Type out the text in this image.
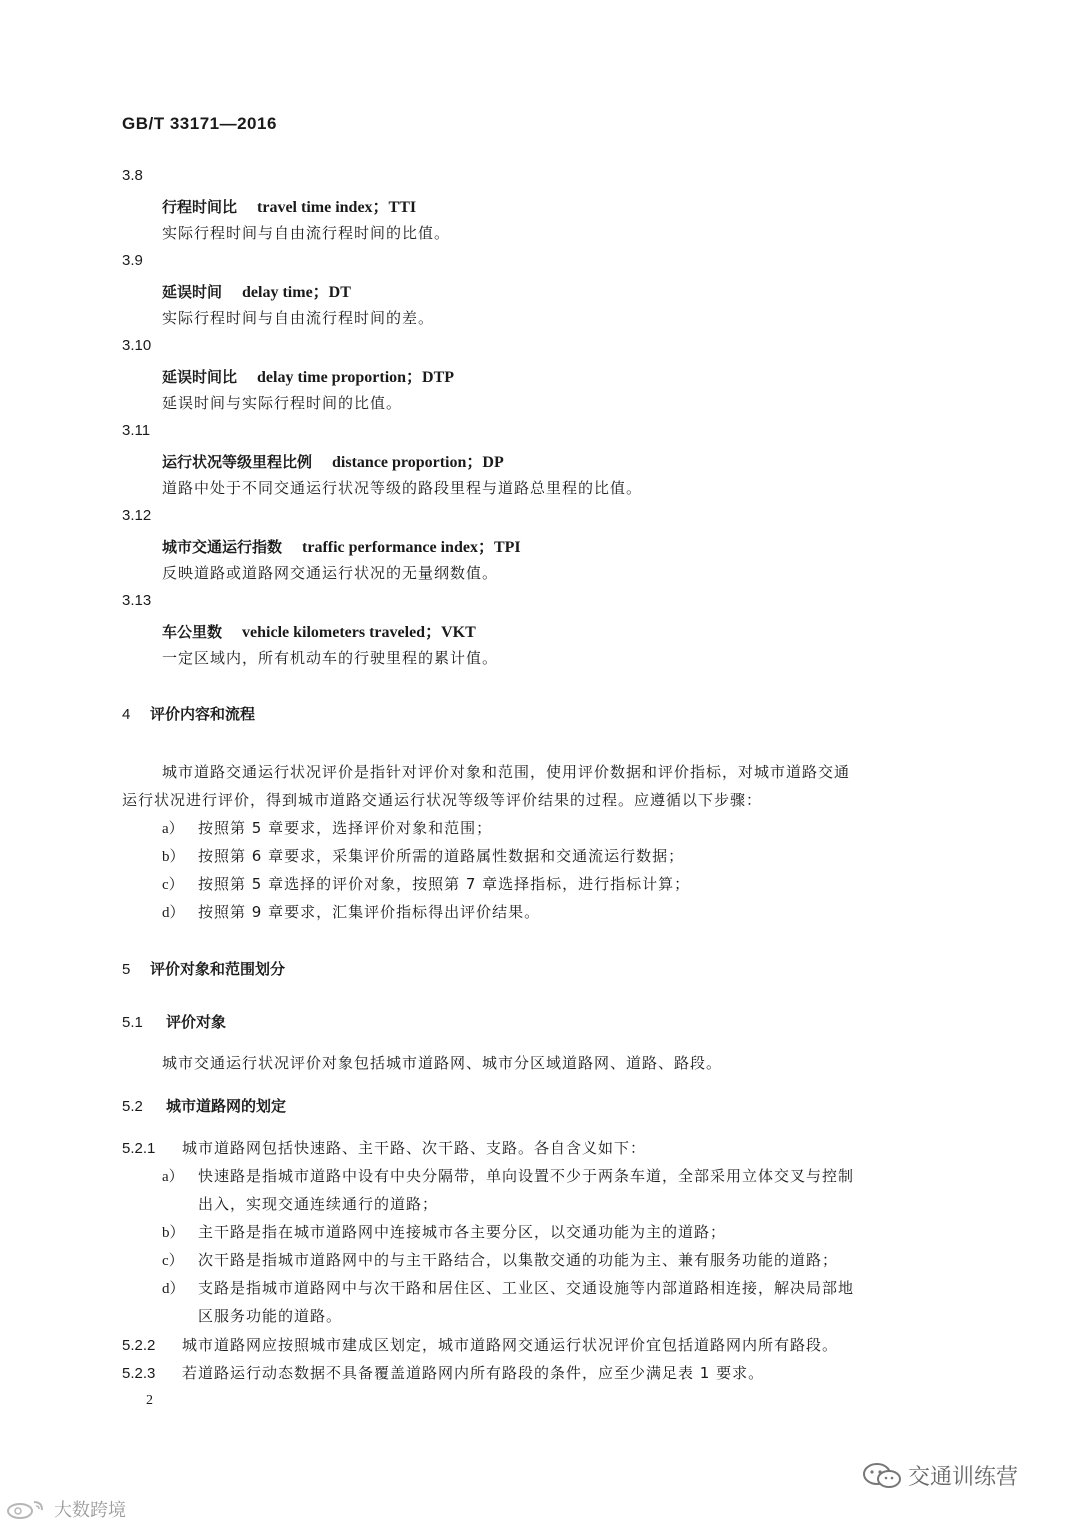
GB/T 33171—2016
3.8
行程时间比 travel time index；TTI
实际行程时间与自由流行程时间的比值。
3.9
延误时间 delay time；DT
实际行程时间与自由流行程时间的差。
3.10
延误时间比 delay time proportion；DTP
延误时间与实际行程时间的比值。
3.11
运行状况等级里程比例 distance proportion；DP
道路中处于不同交通运行状况等级的路段里程与道路总里程的比值。
3.12
城市交通运行指数 traffic performance index；TPI
反映道路或道路网交通运行状况的无量纲数值。
3.13
车公里数 vehicle kilometers traveled；VKT
一定区域内，所有机动车的行驶里程的累计值。
4 评价内容和流程
城市道路交通运行状况评价是指针对评价对象和范围，使用评价数据和评价指标，对城市道路交通
运行状况进行评价，得到城市道路交通运行状况等级等评价结果的过程。应遵循以下步骤：
a） 按照第 5 章要求，选择评价对象和范围；
b） 按照第 6 章要求，采集评价所需的道路属性数据和交通流运行数据；
c） 按照第 5 章选择的评价对象，按照第 7 章选择指标，进行指标计算；
d） 按照第 9 章要求，汇集评价指标得出评价结果。
5 评价对象和范围划分
5.1 评价对象
城市交通运行状况评价对象包括城市道路网、城市分区域道路网、道路、路段。
5.2 城市道路网的划定
5.2.1 城市道路网包括快速路、主干路、次干路、支路。各自含义如下：
a） 快速路是指城市道路中设有中央分隔带，单向设置不少于两条车道，全部采用立体交叉与控制
出入，实现交通连续通行的道路；
b） 主干路是指在城市道路网中连接城市各主要分区，以交通功能为主的道路；
c） 次干路是指城市道路网中的与主干路结合，以集散交通的功能为主、兼有服务功能的道路；
d） 支路是指城市道路网中与次干路和居住区、工业区、交通设施等内部道路相连接，解决局部地
区服务功能的道路。
5.2.2 城市道路网应按照城市建成区划定，城市道路网交通运行状况评价宜包括道路网内所有路段。
5.2.3 若道路运行动态数据不具备覆盖道路网内所有路段的条件，应至少满足表 1 要求。
2
大数跨境
交通训练营
